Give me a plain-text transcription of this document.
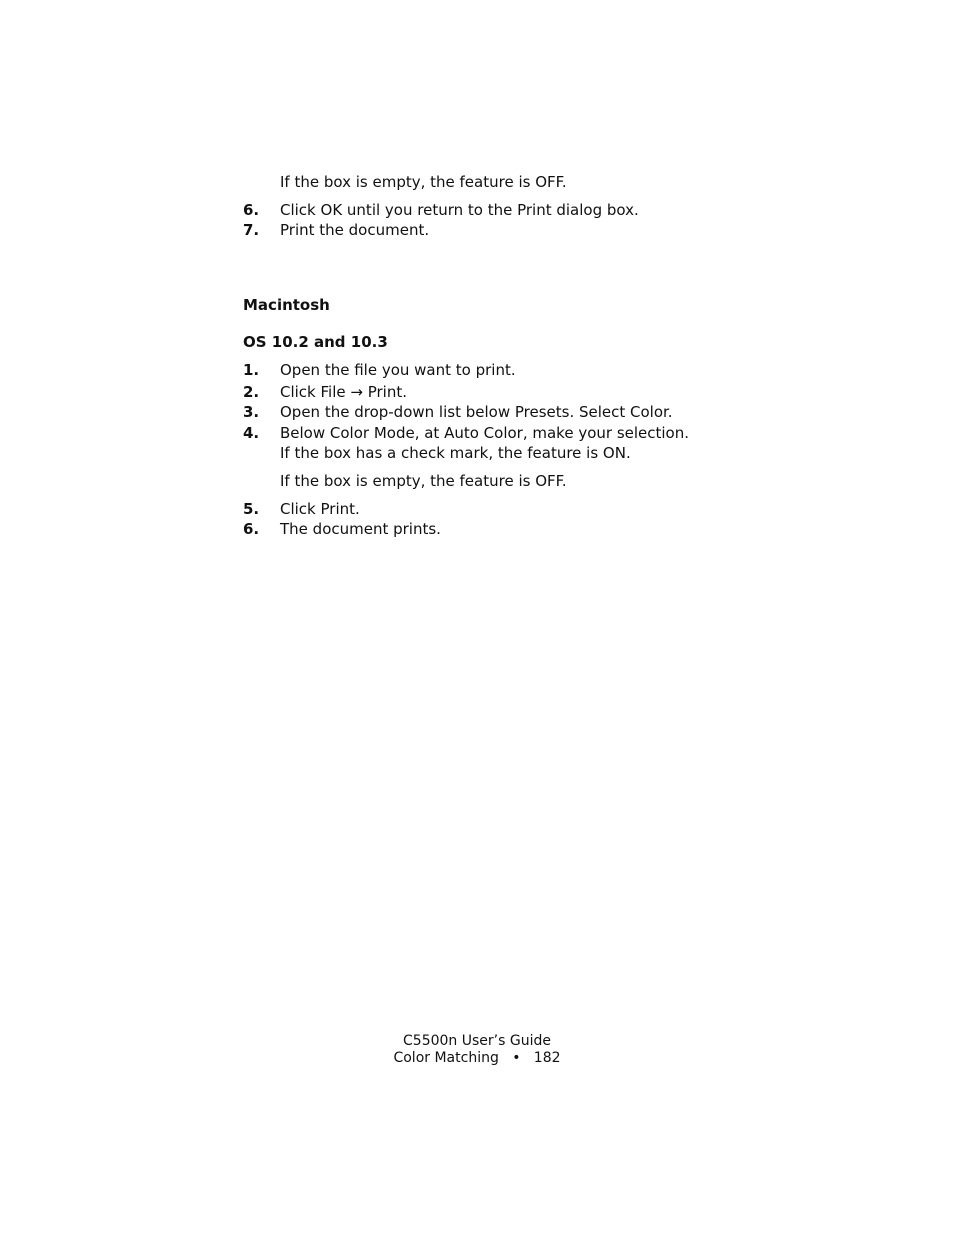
If the box is empty, the feature is OFF.
6. Click OK until you return to the Print dialog box.
7. Print the document.
Macintosh
OS 10.2 and 10.3
1. Open the file you want to print.
2. Click File → Print.
3. Open the drop-down list below Presets. Select Color.
4. Below Color Mode, at Auto Color, make your selection.
If the box has a check mark, the feature is ON.
If the box is empty, the feature is OFF.
5. Click Print.
6. The document prints.
C5500n User’s Guide
Color Matching   •   182
